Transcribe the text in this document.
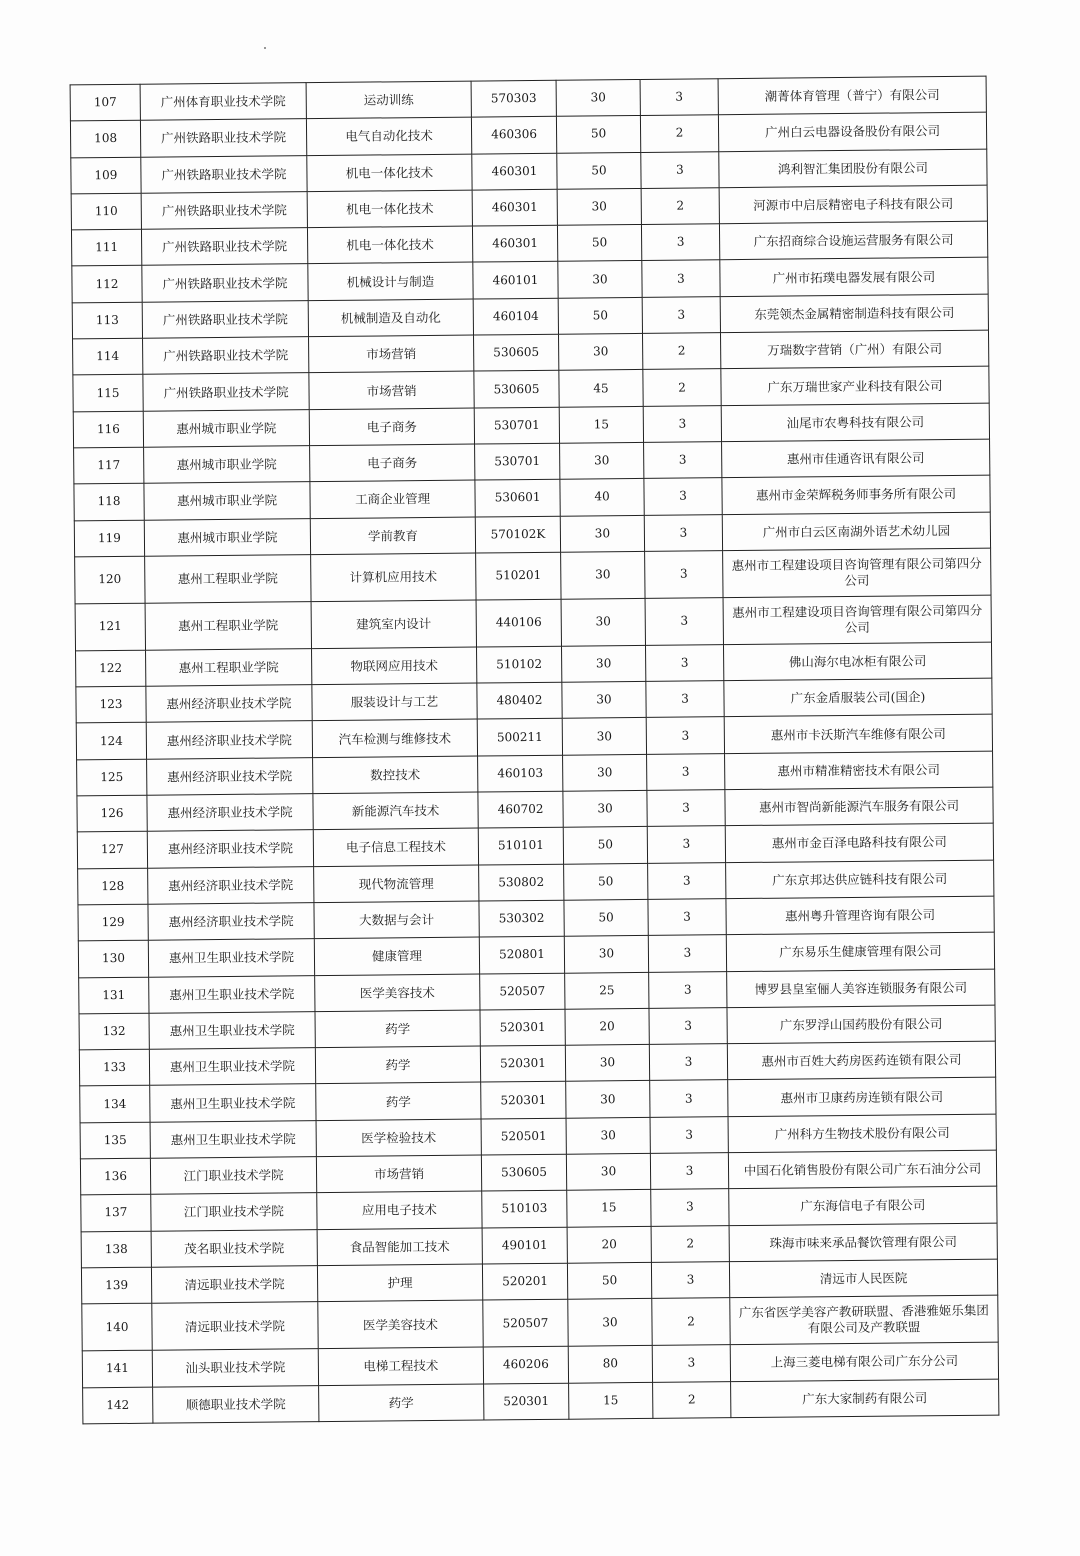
107	广州体育职业技术学院	运动训练	570303	30	3	潮菁体育管理（普宁）有限公司
108	广州铁路职业技术学院	电气自动化技术	460306	50	2	广州白云电器设备股份有限公司
109	广州铁路职业技术学院	机电一体化技术	460301	50	3	鸿利智汇集团股份有限公司
110	广州铁路职业技术学院	机电一体化技术	460301	30	2	河源市中启辰精密电子科技有限公司
111	广州铁路职业技术学院	机电一体化技术	460301	50	3	广东招商综合设施运营服务有限公司
112	广州铁路职业技术学院	机械设计与制造	460101	30	3	广州市拓璞电器发展有限公司
113	广州铁路职业技术学院	机械制造及自动化	460104	50	3	东莞领杰金属精密制造科技有限公司
114	广州铁路职业技术学院	市场营销	530605	30	2	万瑞数字营销（广州）有限公司
115	广州铁路职业技术学院	市场营销	530605	45	2	广东万瑞世家产业科技有限公司
116	惠州城市职业学院	电子商务	530701	15	3	汕尾市农粤科技有限公司
117	惠州城市职业学院	电子商务	530701	30	3	惠州市佳通咨讯有限公司
118	惠州城市职业学院	工商企业管理	530601	40	3	惠州市金荣辉税务师事务所有限公司
119	惠州城市职业学院	学前教育	570102K	30	3	广州市白云区南湖外语艺术幼儿园
120	惠州工程职业学院	计算机应用技术	510201	30	3	惠州市工程建设项目咨询管理有限公司第四分公司
121	惠州工程职业学院	建筑室内设计	440106	30	3	惠州市工程建设项目咨询管理有限公司第四分公司
122	惠州工程职业学院	物联网应用技术	510102	30	3	佛山海尔电冰柜有限公司
123	惠州经济职业技术学院	服装设计与工艺	480402	30	3	广东金盾服装公司(国企)
124	惠州经济职业技术学院	汽车检测与维修技术	500211	30	3	惠州市卡沃斯汽车维修有限公司
125	惠州经济职业技术学院	数控技术	460103	30	3	惠州市精准精密技术有限公司
126	惠州经济职业技术学院	新能源汽车技术	460702	30	3	惠州市智尚新能源汽车服务有限公司
127	惠州经济职业技术学院	电子信息工程技术	510101	50	3	惠州市金百泽电路科技有限公司
128	惠州经济职业技术学院	现代物流管理	530802	50	3	广东京邦达供应链科技有限公司
129	惠州经济职业技术学院	大数据与会计	530302	50	3	惠州粤升管理咨询有限公司
130	惠州卫生职业技术学院	健康管理	520801	30	3	广东易乐生健康管理有限公司
131	惠州卫生职业技术学院	医学美容技术	520507	25	3	博罗县皇室俪人美容连锁服务有限公司
132	惠州卫生职业技术学院	药学	520301	20	3	广东罗浮山国药股份有限公司
133	惠州卫生职业技术学院	药学	520301	30	3	惠州市百姓大药房医药连锁有限公司
134	惠州卫生职业技术学院	药学	520301	30	3	惠州市卫康药房连锁有限公司
135	惠州卫生职业技术学院	医学检验技术	520501	30	3	广州科方生物技术股份有限公司
136	江门职业技术学院	市场营销	530605	30	3	中国石化销售股份有限公司广东石油分公司
137	江门职业技术学院	应用电子技术	510103	15	3	广东海信电子有限公司
138	茂名职业技术学院	食品智能加工技术	490101	20	2	珠海市味来承品餐饮管理有限公司
139	清远职业技术学院	护理	520201	50	3	清远市人民医院
140	清远职业技术学院	医学美容技术	520507	30	2	广东省医学美容产教研联盟、香港雅姬乐集团有限公司及产教联盟
141	汕头职业技术学院	电梯工程技术	460206	80	3	上海三菱电梯有限公司广东分公司
142	顺德职业技术学院	药学	520301	15	2	广东大家制药有限公司
